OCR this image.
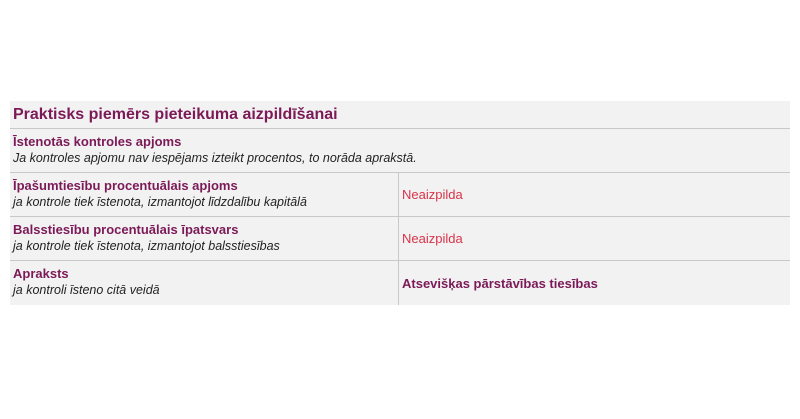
Praktisks piemērs pieteikuma aizpildīšanai
Īstenotās kontroles apjoms
Ja kontroles apjomu nav iespējams izteikt procentos, to norāda aprakstā.
Īpašumtiesību procentuālais apjoms
ja kontrole tiek īstenota, izmantojot līdzdalību kapitālā	Neaizpilda
Balsstiesību procentuālais īpatsvars
ja kontrole tiek īstenota, izmantojot balsstiesības	Neaizpilda
Apraksts
ja kontroli īsteno citā veidā	Atsevišķas pārstāvības tiesības
